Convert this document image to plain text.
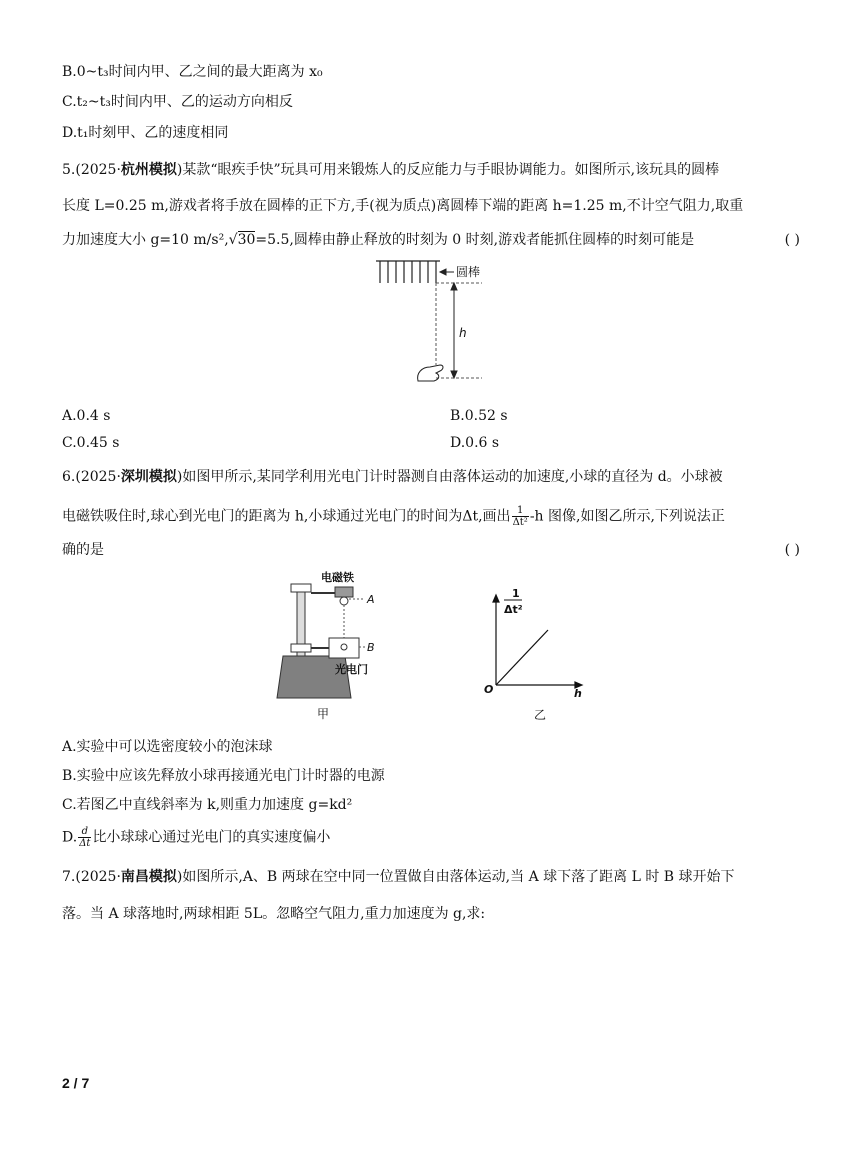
B.0~t₃时间内甲、乙之间的最大距离为 x₀
C.t₂~t₃时间内甲、乙的运动方向相反
D.t₁时刻甲、乙的速度相同
5.(2025·杭州模拟)某款“眼疾手快”玩具可用来锻炼人的反应能力与手眼协调能力。如图所示,该玩具的圆棒
长度 L=0.25 m,游戏者将手放在圆棒的正下方,手(视为质点)离圆棒下端的距离 h=1.25 m,不计空气阻力,取重
力加速度大小 g=10 m/s²,√30=5.5,圆棒由静止释放的时刻为 0 时刻,游戏者能抓住圆棒的时刻可能是	( )
圆棒
h
A.0.4 s	B.0.52 s
C.0.45 s	D.0.6 s
6.(2025·深圳模拟)如图甲所示,某同学利用光电门计时器测自由落体运动的加速度,小球的直径为 d。小球被
电磁铁吸住时,球心到光电门的距离为 h,小球通过光电门的时间为Δt,画出 $\frac{1}{\text{Δt²}} -h$ 图像,如图乙所示,下列说法正
确的是	( )
电磁铁
A
B
光电门
甲
1
Δt²
O	h
乙
A.实验中可以选密度较小的泡沫球
B.实验中应该先释放小球再接通光电门计时器的电源
C.若图乙中直线斜率为 k,则重力加速度 g=kd²
D. $\frac{d}{\Delta t}$ 比小球球心通过光电门的真实速度偏小
7.(2025·南昌模拟)如图所示,A、B 两球在空中同一位置做自由落体运动,当 A 球下落了距离 L 时 B 球开始下
落。当 A 球落地时,两球相距 5L。忽略空气阻力,重力加速度为 g,求:
2 / 7
